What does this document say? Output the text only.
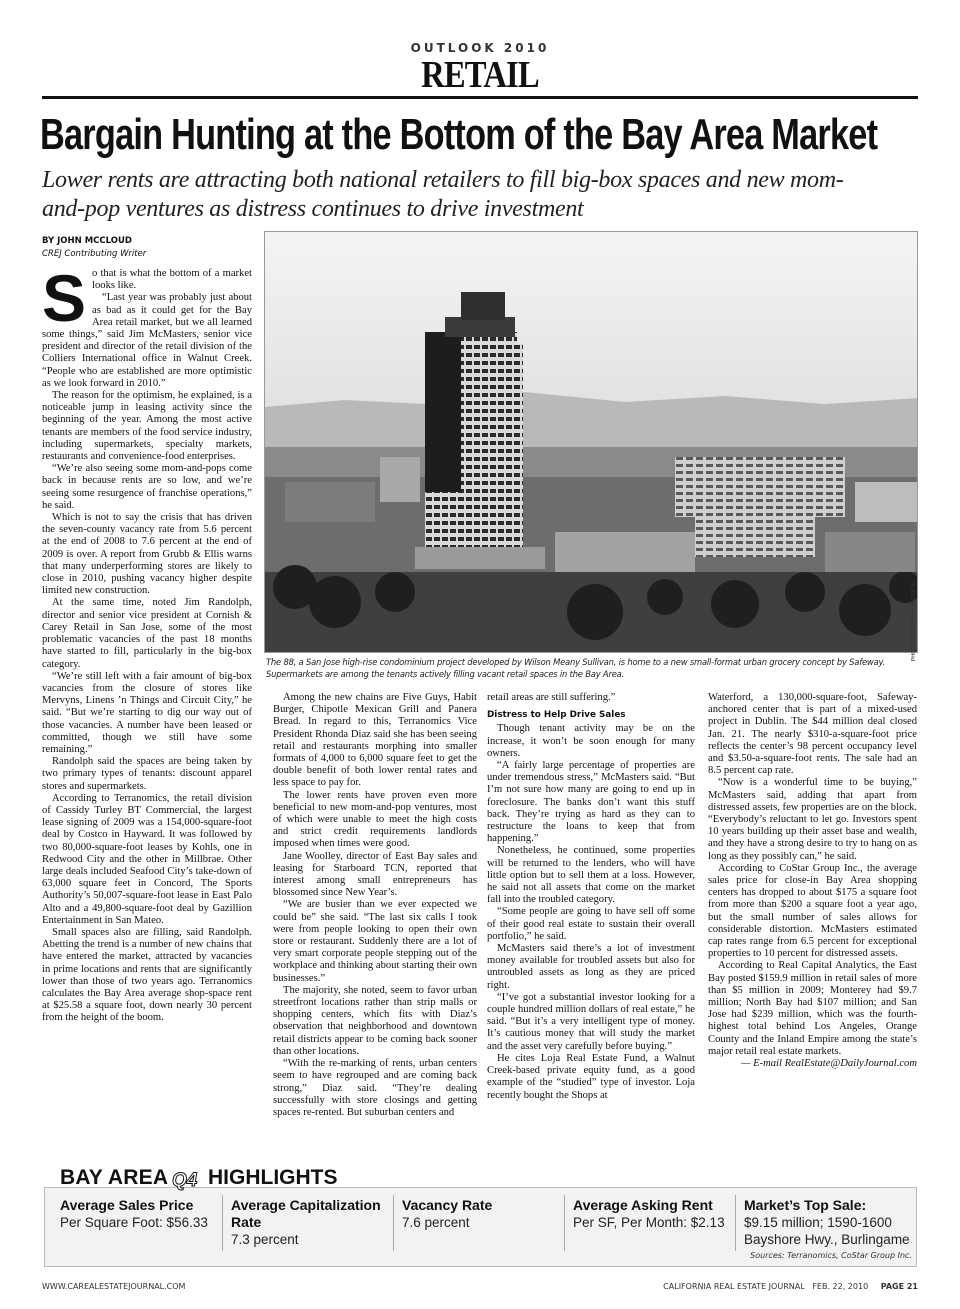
OUTLOOK 2010
RETAIL
Bargain Hunting at the Bottom of the Bay Area Market
Lower rents are attracting both national retailers to fill big-box spaces and new mom-and-pop ventures as distress continues to drive investment
BY JOHN MCCLOUD
CREJ Contributing Writer
PHOTO COURTESY OF THE 88
The 88, a San Jose high-rise condominium project developed by Wilson Meany Sullivan, is home to a new small-format urban grocery concept by Safeway. Supermarkets are among the tenants actively filling vacant retail spaces in the Bay Area.
S o that is what the bottom of a market looks like.

“Last year was probably just about as bad as it could get for the Bay Area retail market, but we all learned some things,” said Jim McMasters, senior vice president and director of the retail division of the Colliers International office in Walnut Creek. “People who are established are more optimistic as we look forward in 2010.”

The reason for the optimism, he explained, is a noticeable jump in leasing activity since the beginning of the year. Among the most active tenants are members of the food service industry, including supermarkets, specialty markets, restaurants and convenience-food enterprises.

“We’re also seeing some mom-and-pops come back in because rents are so low, and we’re seeing some resurgence of franchise operations,” he said.

Which is not to say the crisis that has driven the seven-county vacancy rate from 5.6 percent at the end of 2008 to 7.6 percent at the end of 2009 is over. A report from Grubb & Ellis warns that many underperforming stores are likely to close in 2010, pushing vacancy higher despite limited new construction.

At the same time, noted Jim Randolph, director and senior vice president at Cornish & Carey Retail in San Jose, some of the most problematic vacancies of the past 18 months have started to fill, particularly in the big-box category.

“We’re still left with a fair amount of big-box vacancies from the closure of stores like Mervyns, Linens ’n Things and Circuit City,” he said. “But we’re starting to dig our way out of those vacancies. A number have been leased or committed, though we still have some remaining.”

Randolph said the spaces are being taken by two primary types of tenants: discount apparel stores and supermarkets.

According to Terranomics, the retail division of Cassidy Turley BT Commercial, the largest lease signing of 2009 was a 154,000-square-foot deal by Costco in Hayward. It was followed by two 80,000-square-foot leases by Kohls, one in Redwood City and the other in Millbrae. Other large deals included Seafood City’s take-down of 63,000 square feet in Concord, The Sports Authority’s 50,007-square-foot lease in East Palo Alto and a 49,800-square-foot deal by Gazillion Entertainment in San Mateo.

Small spaces also are filling, said Randolph. Abetting the trend is a number of new chains that have entered the market, attracted by vacancies in prime locations and rents that are significantly lower than those of two years ago. Terranomics calculates the Bay Area average shop-space rent at $25.58 a square foot, down nearly 30 percent from the height of the boom.

Among the new chains are Five Guys, Habit Burger, Chipotle Mexican Grill and Panera Bread. In regard to this, Terranomics Vice President Rhonda Diaz said she has been seeing retail and restaurants morphing into smaller formats of 4,000 to 6,000 square feet to get the double benefit of both lower rental rates and less space to pay for.

The lower rents have proven even more beneficial to new mom-and-pop ventures, most of which were unable to meet the high costs and strict credit requirements landlords imposed when times were good.

Jane Woolley, director of East Bay sales and leasing for Starboard TCN, reported that interest among small entrepreneurs has blossomed since New Year’s.

“We are busier than we ever expected we could be” she said. “The last six calls I took were from people looking to open their own store or restaurant. Suddenly there are a lot of very smart corporate people stepping out of the workplace and thinking about starting their own businesses.”

The majority, she noted, seem to favor urban streetfront locations rather than strip malls or shopping centers, which fits with Diaz’s observation that neighborhood and downtown retail districts appear to be coming back sooner than other locations.

“With the re-marking of rents, urban centers seem to have regrouped and are coming back strong,” Diaz said. “They’re dealing successfully with store closings and getting spaces re-rented. But suburban centers and

retail areas are still suffering.”

Distress to Help Drive Sales

Though tenant activity may be on the increase, it won’t be soon enough for many owners.

“A fairly large percentage of properties are under tremendous stress,” McMasters said. “But I’m not sure how many are going to end up in foreclosure. The banks don’t want this stuff back. They’re trying as hard as they can to restructure the loans to keep that from happening.”

Nonetheless, he continued, some properties will be returned to the lenders, who will have little option but to sell them at a loss. However, he said not all assets that come on the market fall into the troubled category.

“Some people are going to have sell off some of their good real estate to sustain their overall portfolio,” he said.

McMasters said there’s a lot of investment money available for troubled assets but also for untroubled assets as long as they are priced right.

“I’ve got a substantial investor looking for a couple hundred million dollars of real estate,” he said. “But it’s a very intelligent type of money. It’s cautious money that will study the market and the asset very carefully before buying.”

He cites Loja Real Estate Fund, a Walnut Creek-based private equity fund, as a good example of the “studied” type of investor. Loja recently bought the Shops at

Waterford, a 130,000-square-foot, Safeway-anchored center that is part of a mixed-used project in Dublin. The $44 million deal closed Jan. 21. The nearly $310-a-square-foot price reflects the center’s 98 percent occupancy level and $3.50-a-square-foot rents. The sale had an 8.5 percent cap rate.

“Now is a wonderful time to be buying,” McMasters said, adding that apart from distressed assets, few properties are on the block. “Everybody’s reluctant to let go. Investors spent 10 years building up their asset base and wealth, and they have a strong desire to try to hang on as long as they possibly can,” he said.

According to CoStar Group Inc., the average sales price for close-in Bay Area shopping centers has dropped to about $175 a square foot from more than $200 a square foot a year ago, but the small number of sales allows for considerable distortion. McMasters estimated cap rates range from 6.5 percent for exceptional properties to 10 percent for distressed assets.

According to Real Capital Analytics, the East Bay posted $159.9 million in retail sales of more than $5 million in 2009; Monterey had $9.7 million; North Bay had $107 million; and San Jose had $239 million, which was the fourth-highest total behind Los Angeles, Orange County and the Inland Empire among the state’s major retail real estate markets.

— E-mail RealEstate@DailyJournal.com

BAY AREA Q4 HIGHLIGHTS
Average Sales Price
Per Square Foot: $56.33
Average Capitalization Rate
7.3 percent
Vacancy Rate
7.6 percent
Average Asking Rent
Per SF, Per Month: $2.13
Market’s Top Sale:
$9.15 million; 1590-1600 Bayshore Hwy., Burlingame
Sources: Terranomics, CoStar Group Inc.
WWW.CAREALESTATEJOURNAL.COM	CALIFORNIA REAL ESTATE JOURNAL FEB. 22, 2010 PAGE 21
